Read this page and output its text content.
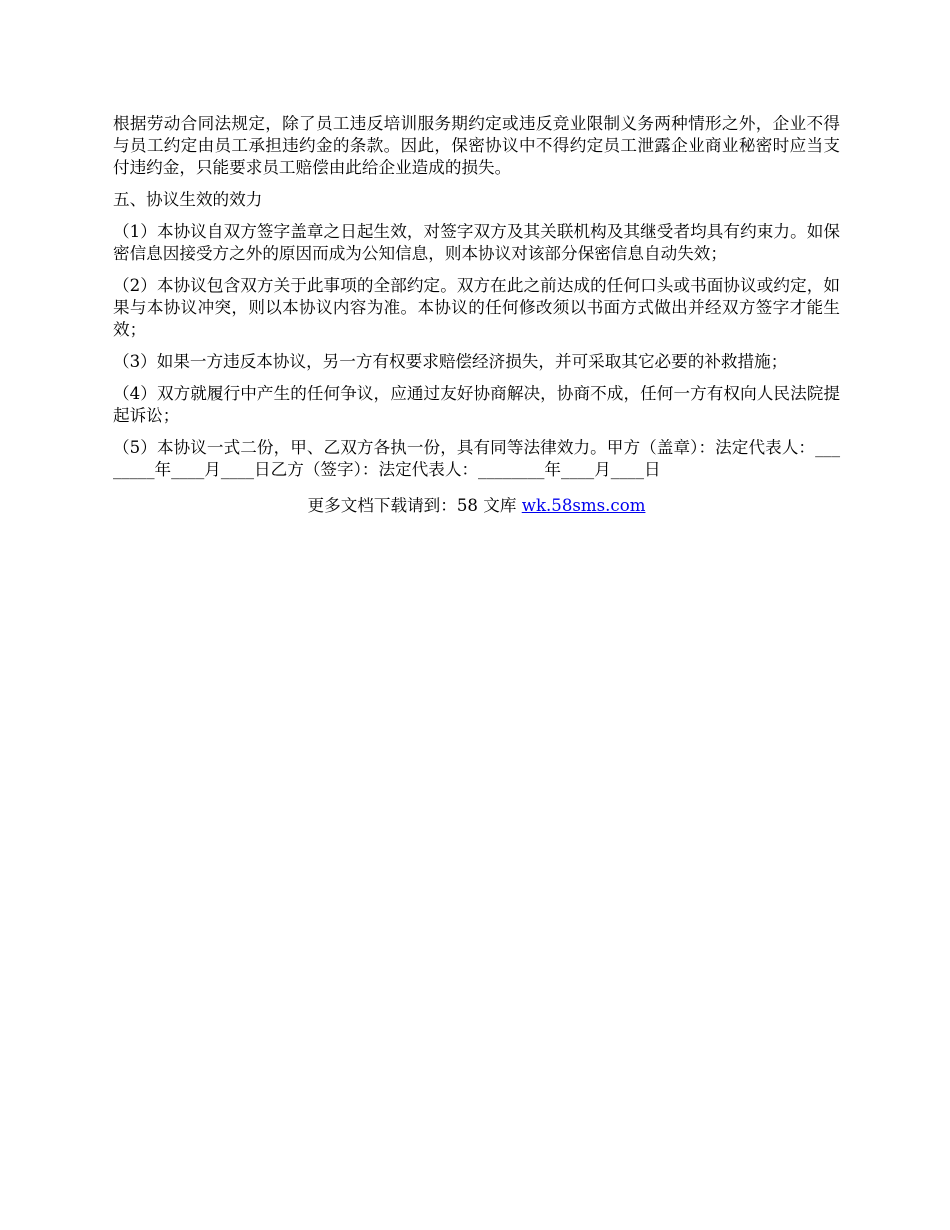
根据劳动合同法规定，除了员工违反培训服务期约定或违反竞业限制义务两种情形之外，企业不得与员工约定由员工承担违约金的条款。因此，保密协议中不得约定员工泄露企业商业秘密时应当支付违约金，只能要求员工赔偿由此给企业造成的损失。

五、协议生效的效力

（1）本协议自双方签字盖章之日起生效，对签字双方及其关联机构及其继受者均具有约束力。如保密信息因接受方之外的原因而成为公知信息，则本协议对该部分保密信息自动失效；

（2）本协议包含双方关于此事项的全部约定。双方在此之前达成的任何口头或书面协议或约定，如果与本协议冲突，则以本协议内容为准。本协议的任何修改须以书面方式做出并经双方签字才能生效；

（3）如果一方违反本协议，另一方有权要求赔偿经济损失，并可采取其它必要的补救措施；

（4）双方就履行中产生的任何争议，应通过友好协商解决，协商不成，任何一方有权向人民法院提起诉讼；

（5）本协议一式二份，甲、乙双方各执一份，具有同等法律效力。甲方（盖章）：法定代表人：________年____月____日乙方（签字）：法定代表人：________年____月____日

更多文档下载请到：58 文库 wk.58sms.com
